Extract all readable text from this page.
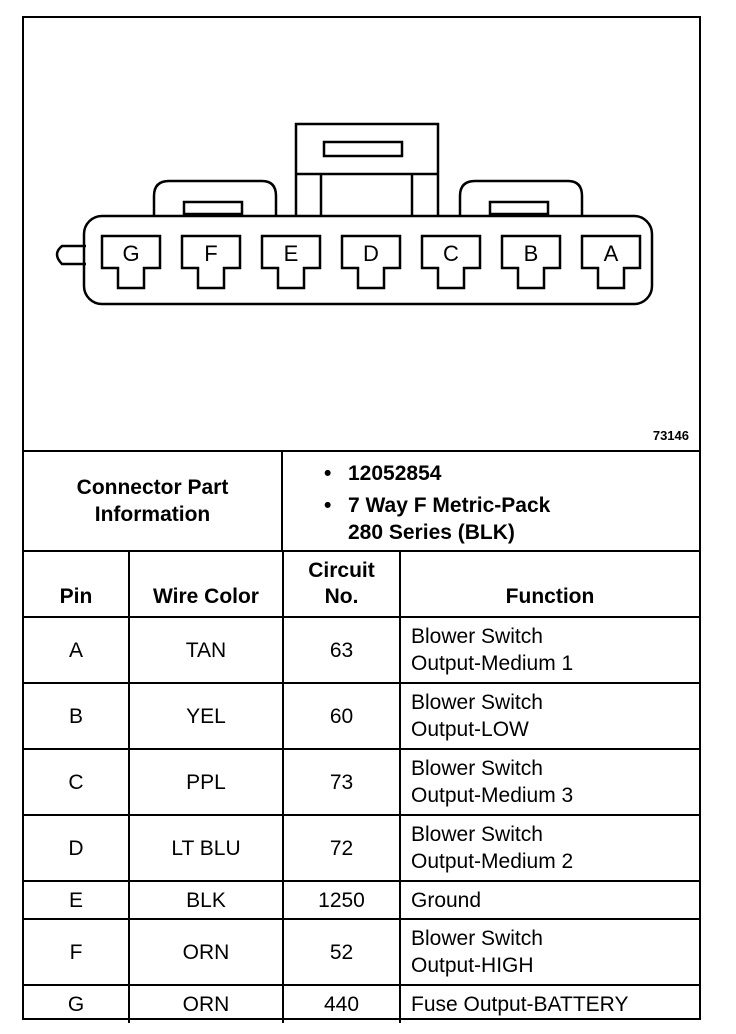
G	F	E	D	C	B	A
73146
Connector Part Information
• 12052854
• 7 Way F Metric-Pack
280 Series (BLK)
Pin	Wire Color	Circuit No.	Function
A	TAN	63	Blower Switch
Output-Medium 1
B	YEL	60	Blower Switch
Output-LOW
C	PPL	73	Blower Switch
Output-Medium 3
D	LT BLU	72	Blower Switch
Output-Medium 2
E	BLK	1250	Ground
F	ORN	52	Blower Switch
Output-HIGH
G	ORN	440	Fuse Output-BATTERY
